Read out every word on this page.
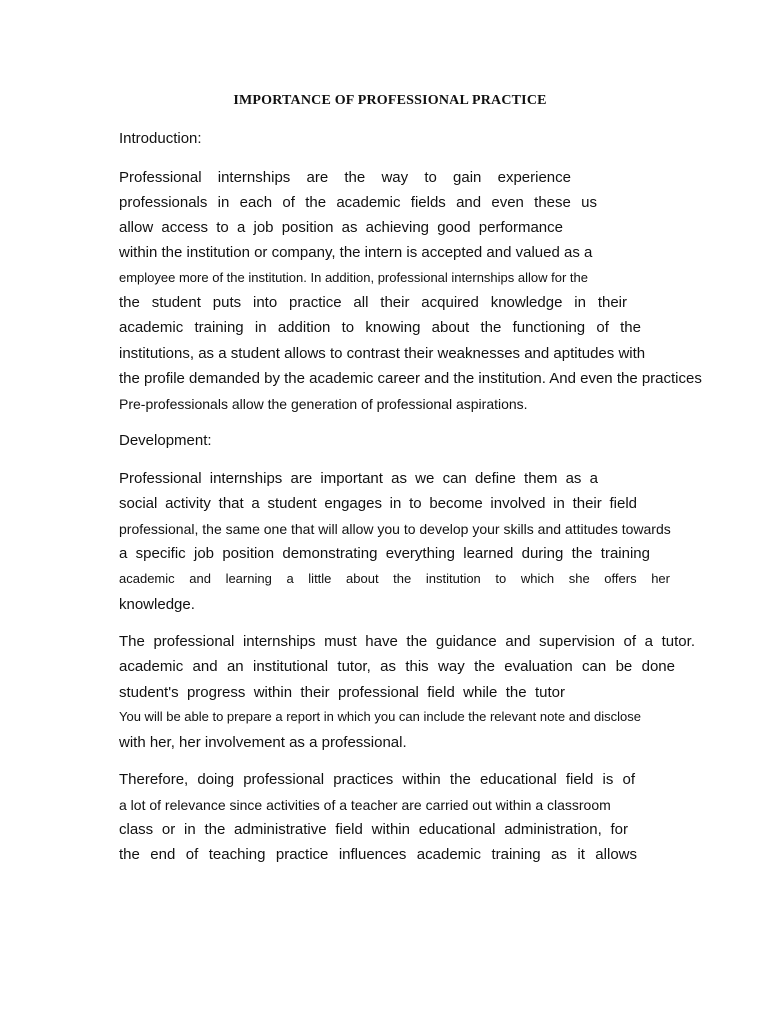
IMPORTANCE OF PROFESSIONAL PRACTICE
Introduction:
Professional internships are the way to gain experience
professionals in each of the academic fields and even these us
allow access to a job position as achieving good performance
within the institution or company, the intern is accepted and valued as a
employee more of the institution. In addition, professional internships allow for the
the student puts into practice all their acquired knowledge in their
academic training in addition to knowing about the functioning of the
institutions, as a student allows to contrast their weaknesses and aptitudes with
the profile demanded by the academic career and the institution. And even the practices
Pre-professionals allow the generation of professional aspirations.
Development:
Professional internships are important as we can define them as a
social activity that a student engages in to become involved in their field
professional, the same one that will allow you to develop your skills and attitudes towards
a specific job position demonstrating everything learned during the training
academic and learning a little about the institution to which she offers her
knowledge.
The professional internships must have the guidance and supervision of a tutor.
academic and an institutional tutor, as this way the evaluation can be done
student's progress within their professional field while the tutor
You will be able to prepare a report in which you can include the relevant note and disclose
with her, her involvement as a professional.
Therefore, doing professional practices within the educational field is of
a lot of relevance since activities of a teacher are carried out within a classroom
class or in the administrative field within educational administration, for
the end of teaching practice influences academic training as it allows
